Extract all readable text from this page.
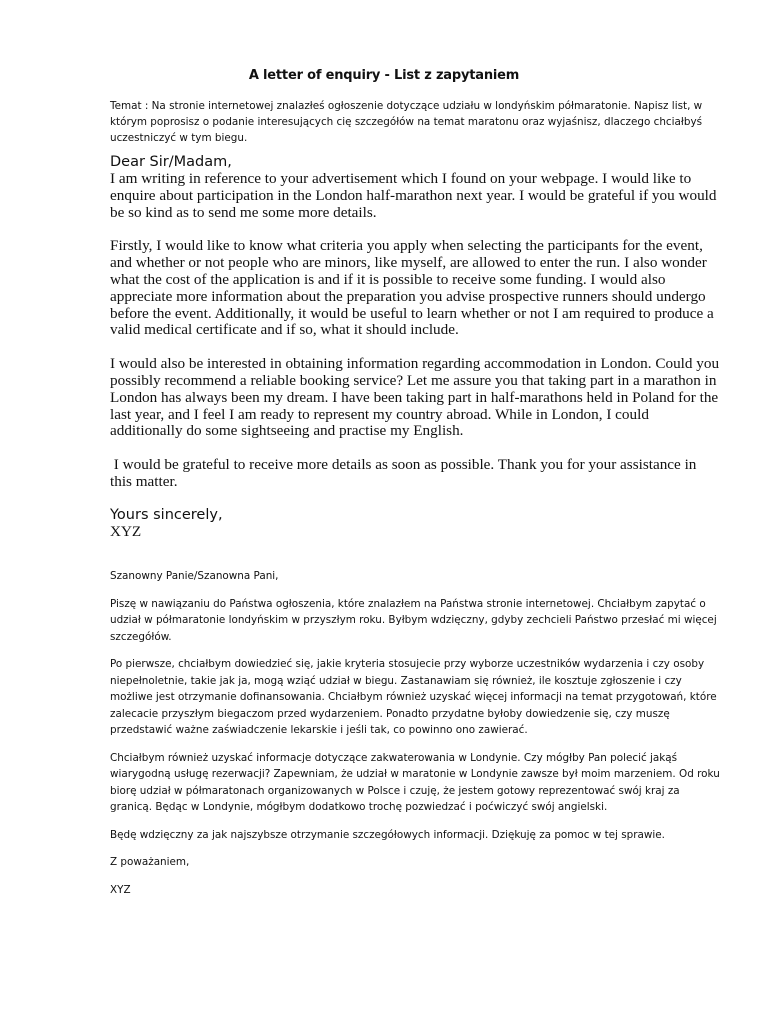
A letter of enquiry - List z zapytaniem
Temat : Na stronie internetowej znalazłeś ogłoszenie dotyczące udziału w londyńskim półmaratonie. Napisz list, w którym poprosisz o podanie interesujących cię szczegółów na temat maratonu oraz wyjaśnisz, dlaczego chciałbyś uczestniczyć w tym biegu.

Dear Sir/Madam,

I am writing in reference to your advertisement which I found on your webpage. I would like to enquire about participation in the London half-marathon next year. I would be grateful if you would be so kind as to send me some more details.

Firstly, I would like to know what criteria you apply when selecting the participants for the event, and whether or not people who are minors, like myself, are allowed to enter the run. I also wonder what the cost of the application is and if it is possible to receive some funding. I would also appreciate more information about the preparation you advise prospective runners should undergo before the event. Additionally, it would be useful to learn whether or not I am required to produce a valid medical certificate and if so, what it should include.

I would also be interested in obtaining information regarding accommodation in London. Could you possibly recommend a reliable booking service? Let me assure you that taking part in a marathon in London has always been my dream. I have been taking part in half-marathons held in Poland for the last year, and I feel I am ready to represent my country abroad. While in London, I could additionally do some sightseeing and practise my English.

I would be grateful to receive more details as soon as possible. Thank you for your assistance in this matter.

Yours sincerely,

XYZ

Szanowny Panie/Szanowna Pani,

Piszę w nawiązaniu do Państwa ogłoszenia, które znalazłem na Państwa stronie internetowej. Chciałbym zapytać o udział w półmaratonie londyńskim w przyszłym roku. Byłbym wdzięczny, gdyby zechcieli Państwo przesłać mi więcej szczegółów.

Po pierwsze, chciałbym dowiedzieć się, jakie kryteria stosujecie przy wyborze uczestników wydarzenia i czy osoby niepełnoletnie, takie jak ja, mogą wziąć udział w biegu. Zastanawiam się również, ile kosztuje zgłoszenie i czy możliwe jest otrzymanie dofinansowania. Chciałbym również uzyskać więcej informacji na temat przygotowań, które zalecacie przyszłym biegaczom przed wydarzeniem. Ponadto przydatne byłoby dowiedzenie się, czy muszę przedstawić ważne zaświadczenie lekarskie i jeśli tak, co powinno ono zawierać.

Chciałbym również uzyskać informacje dotyczące zakwaterowania w Londynie. Czy mógłby Pan polecić jakąś wiarygodną usługę rezerwacji? Zapewniam, że udział w maratonie w Londynie zawsze był moim marzeniem. Od roku biorę udział w półmaratonach organizowanych w Polsce i czuję, że jestem gotowy reprezentować swój kraj za granicą. Będąc w Londynie, mógłbym dodatkowo trochę pozwiedzać i poćwiczyć swój angielski.

Będę wdzięczny za jak najszybsze otrzymanie szczegółowych informacji. Dziękuję za pomoc w tej sprawie.

Z poważaniem,

XYZ
